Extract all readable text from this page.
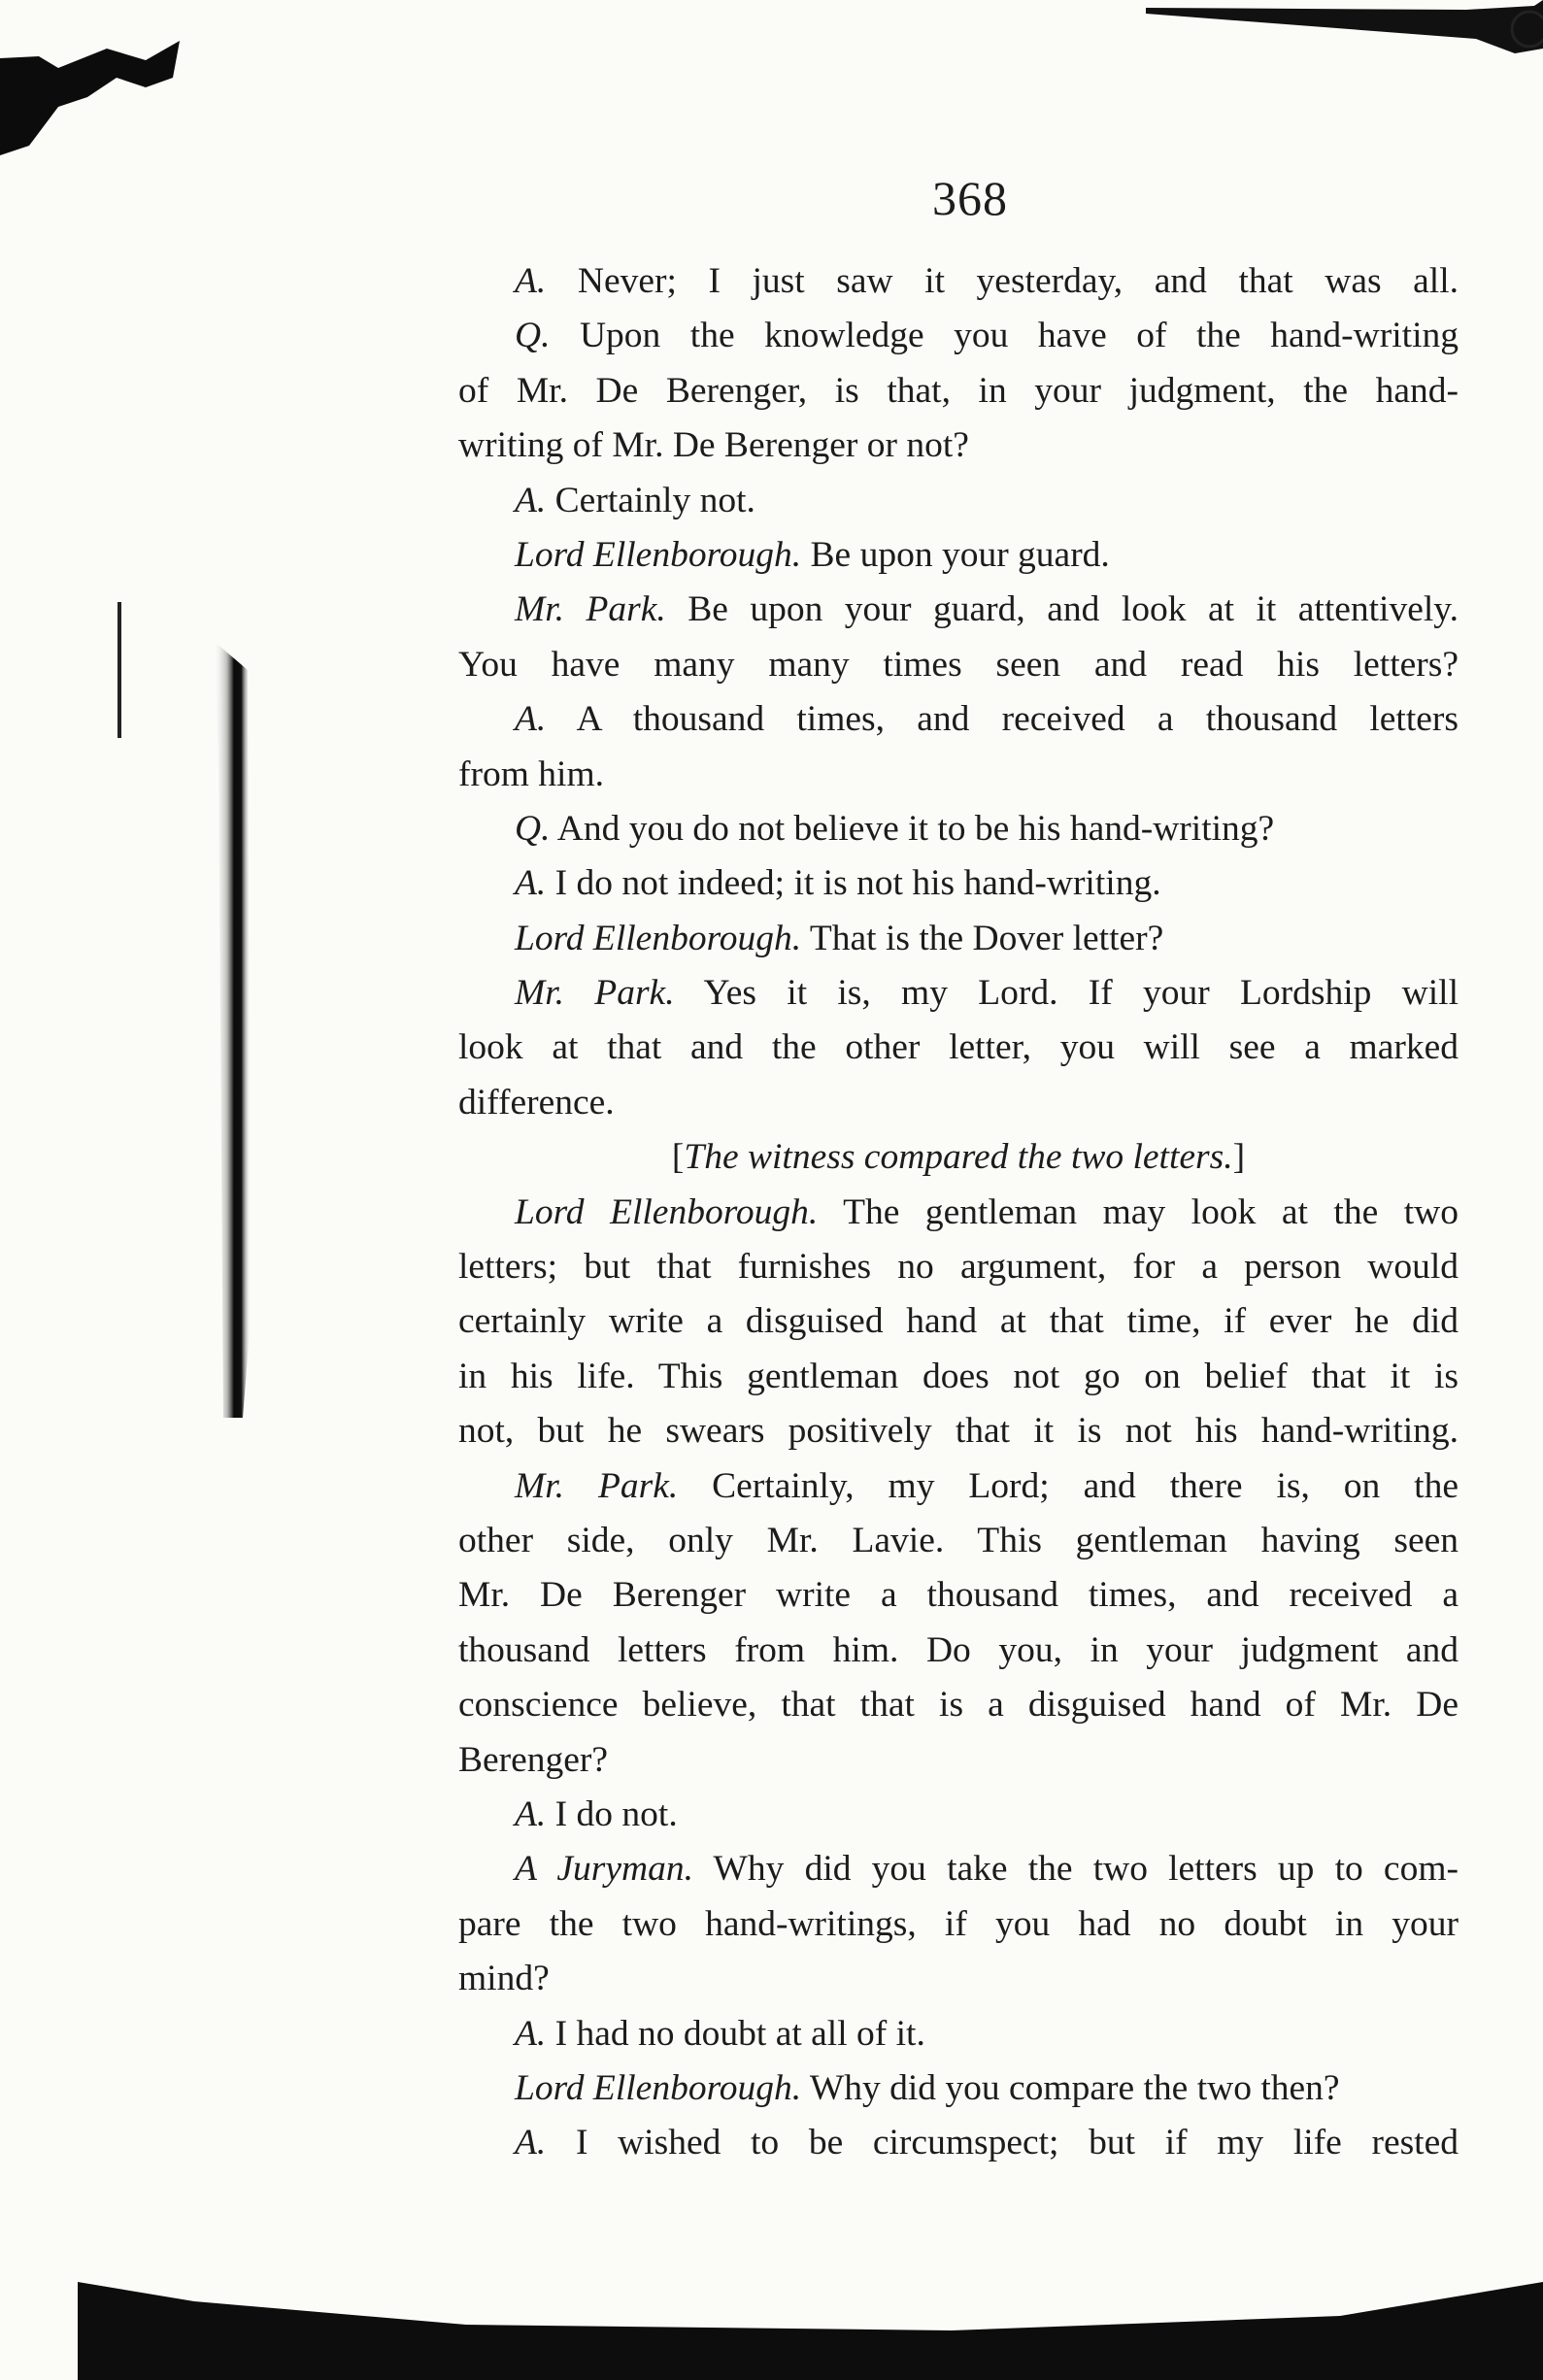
368
A. Never; I just saw it yesterday, and that was all.
Q. Upon the knowledge you have of the hand-writing
of Mr. De Berenger, is that, in your judgment, the hand-
writing of Mr. De Berenger or not?
A. Certainly not.
Lord Ellenborough. Be upon your guard.
Mr. Park. Be upon your guard, and look at it attentively.
You have many many times seen and read his letters?
A. A thousand times, and received a thousand letters
from him.
Q. And you do not believe it to be his hand-writing?
A. I do not indeed; it is not his hand-writing.
Lord Ellenborough. That is the Dover letter?
Mr. Park. Yes it is, my Lord. If your Lordship will
look at that and the other letter, you will see a marked
difference.
[The witness compared the two letters.]
Lord Ellenborough. The gentleman may look at the two
letters; but that furnishes no argument, for a person would
certainly write a disguised hand at that time, if ever he did
in his life. This gentleman does not go on belief that it is
not, but he swears positively that it is not his hand-writing.
Mr. Park. Certainly, my Lord; and there is, on the
other side, only Mr. Lavie. This gentleman having seen
Mr. De Berenger write a thousand times, and received a
thousand letters from him. Do you, in your judgment and
conscience believe, that that is a disguised hand of Mr. De
Berenger?
A. I do not.
A Juryman. Why did you take the two letters up to com-
pare the two hand-writings, if you had no doubt in your
mind?
A. I had no doubt at all of it.
Lord Ellenborough. Why did you compare the two then?
A. I wished to be circumspect; but if my life rested
